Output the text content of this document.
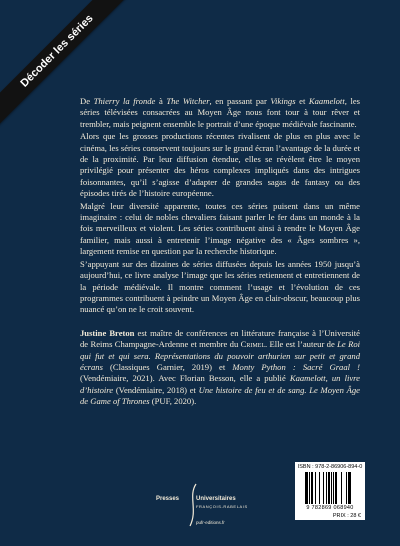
Décoder les séries

De Thierry la fronde à The Witcher, en passant par Vikings et Kaamelott, les séries télévisées consacrées au Moyen Âge nous font tour à tour rêver et trembler, mais peignent ensemble le portrait d’une époque médiévale fascinante.

Alors que les grosses productions récentes rivalisent de plus en plus avec le cinéma, les séries conservent toujours sur le grand écran l’avantage de la durée et de la proximité. Par leur diffusion étendue, elles se révèlent être le moyen privilégié pour présenter des héros complexes impliqués dans des intrigues foisonnantes, qu’il s’agisse d’adapter de grandes sagas de fantasy ou des épisodes tirés de l’histoire européenne.

Malgré leur diversité apparente, toutes ces séries puisent dans un même imaginaire : celui de nobles chevaliers faisant parler le fer dans un monde à la fois merveilleux et violent. Les séries contribuent ainsi à rendre le Moyen Âge familier, mais aussi à entretenir l’image négative des « Âges sombres », largement remise en question par la recherche historique.

S’appuyant sur des dizaines de séries diffusées depuis les années 1950 jusqu’à aujourd’hui, ce livre analyse l’image que les séries retiennent et entretiennent de la période médiévale. Il montre comment l’usage et l’évolution de ces programmes contribuent à peindre un Moyen Âge en clair-obscur, beaucoup plus nuancé qu’on ne le croit souvent.

Justine Breton est maître de conférences en littérature française à l’Université de Reims Champagne-Ardenne et membre du Crimel. Elle est l’auteur de Le Roi qui fut et qui sera. Représentations du pouvoir arthurien sur petit et grand écrans (Classiques Garnier, 2019) et Monty Python : Sacré Graal ! (Vendémiaire, 2021). Avec Florian Besson, elle a publié Kaamelott, un livre d’histoire (Vendémiaire, 2018) et Une histoire de feu et de sang. Le Moyen Âge de Game of Thrones (PUF, 2020).

Presses	Universitaires
FRANÇOIS-RABELAIS
pufr-editions.fr
ISBN : 978-2-86906-894-0
9 782869 068940
PRIX : 28 €
